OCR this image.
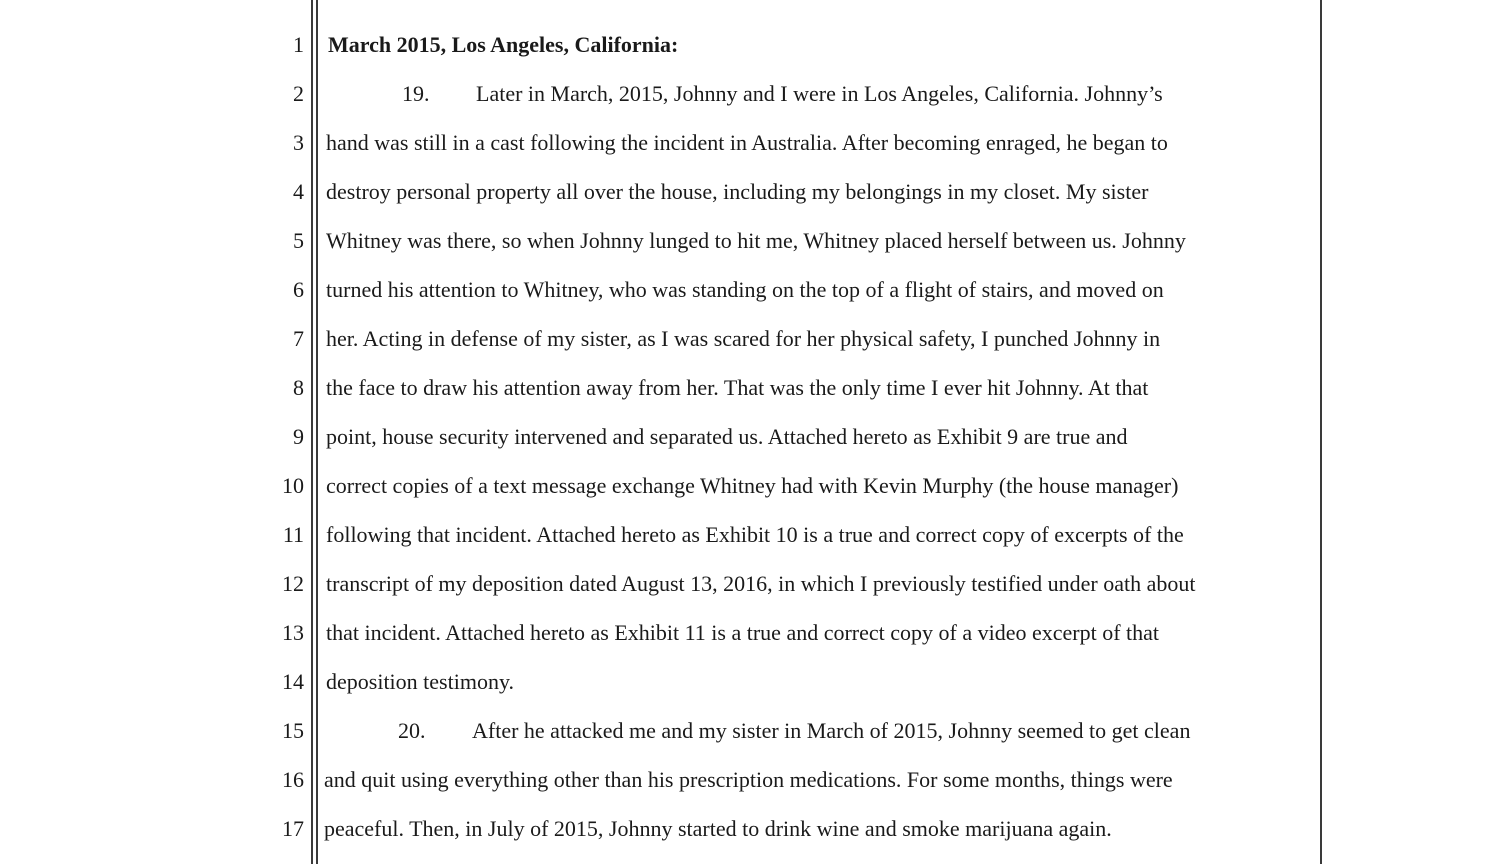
1
2
3
4
5
6
7
8
9
10
11
12
13
14
15
16
17
March 2015, Los Angeles, California:
19. Later in March, 2015, Johnny and I were in Los Angeles, California. Johnny’s
hand was still in a cast following the incident in Australia. After becoming enraged, he began to
destroy personal property all over the house, including my belongings in my closet. My sister
Whitney was there, so when Johnny lunged to hit me, Whitney placed herself between us. Johnny
turned his attention to Whitney, who was standing on the top of a flight of stairs, and moved on
her. Acting in defense of my sister, as I was scared for her physical safety, I punched Johnny in
the face to draw his attention away from her. That was the only time I ever hit Johnny. At that
point, house security intervened and separated us. Attached hereto as Exhibit 9 are true and
correct copies of a text message exchange Whitney had with Kevin Murphy (the house manager)
following that incident. Attached hereto as Exhibit 10 is a true and correct copy of excerpts of the
transcript of my deposition dated August 13, 2016, in which I previously testified under oath about
that incident. Attached hereto as Exhibit 11 is a true and correct copy of a video excerpt of that
deposition testimony.
20. After he attacked me and my sister in March of 2015, Johnny seemed to get clean
and quit using everything other than his prescription medications. For some months, things were
peaceful. Then, in July of 2015, Johnny started to drink wine and smoke marijuana again.
